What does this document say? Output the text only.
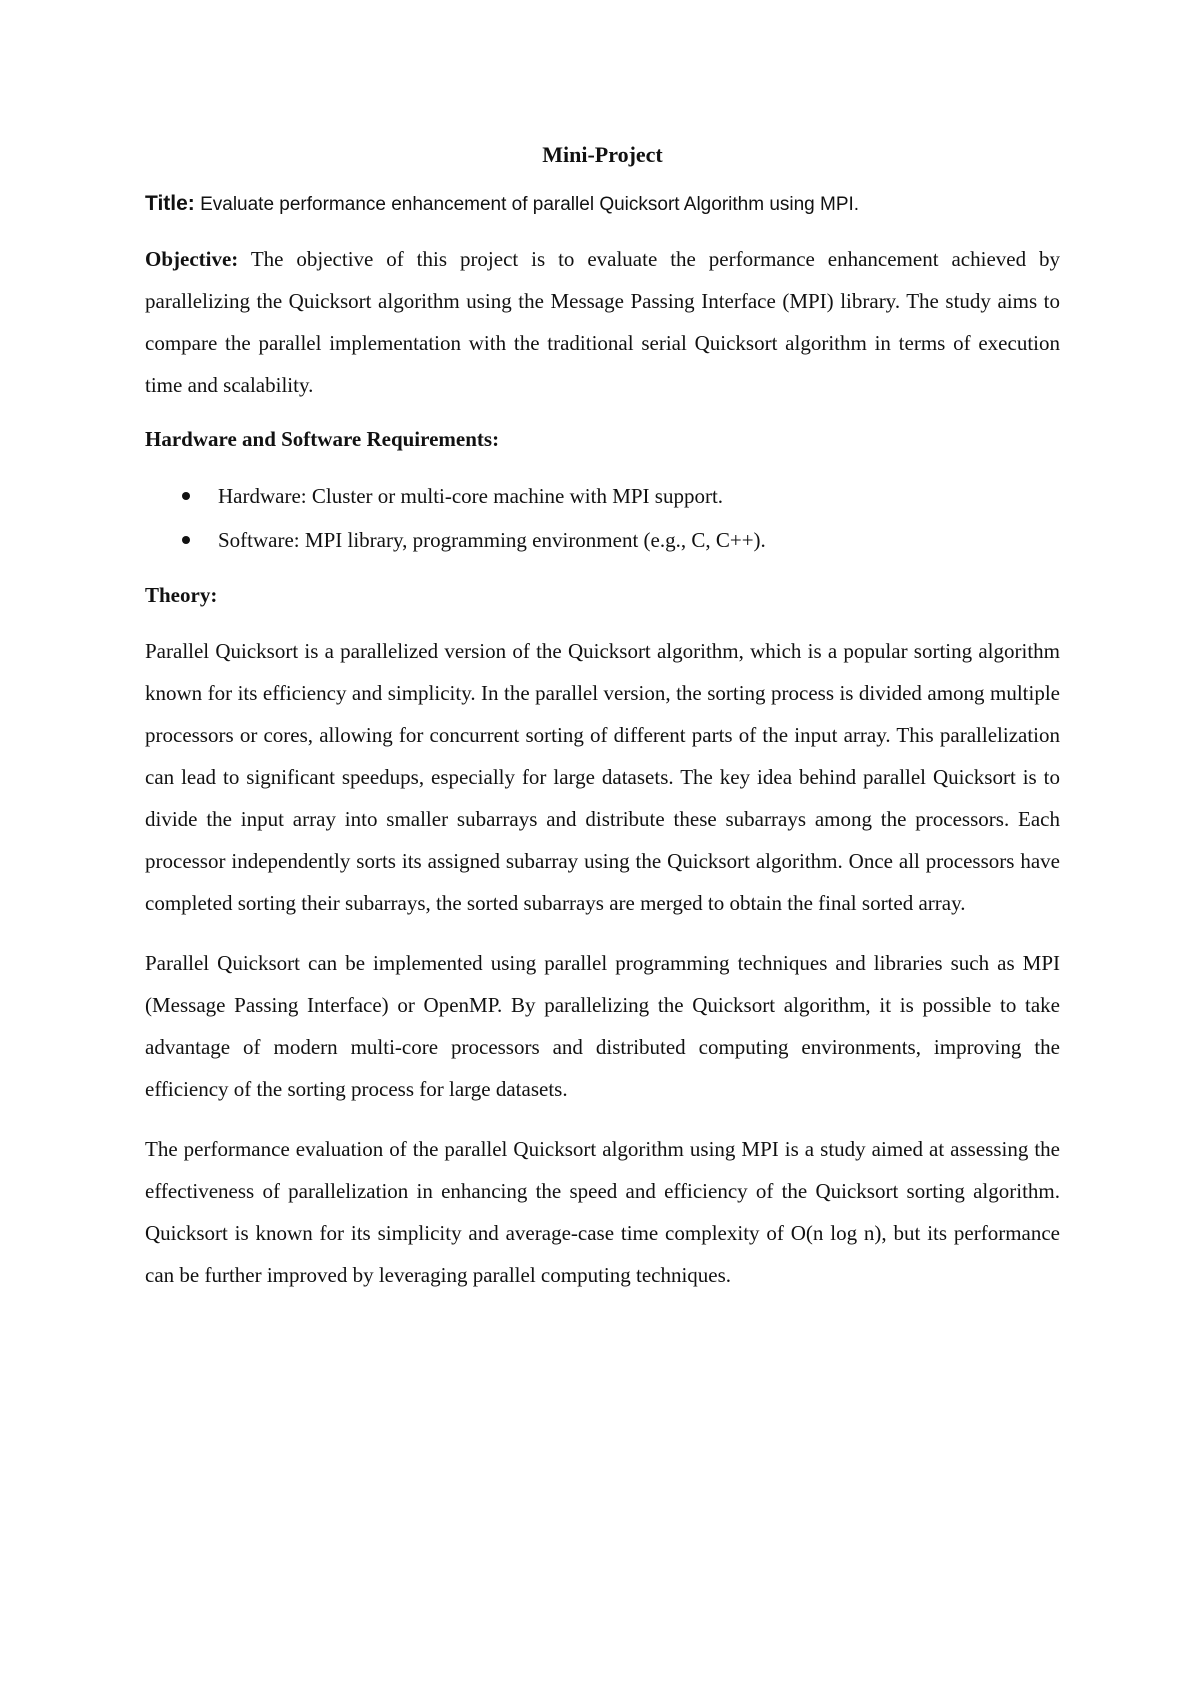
Mini-Project
Title: Evaluate performance enhancement of parallel Quicksort Algorithm using MPI.

Objective: The objective of this project is to evaluate the performance enhancement achieved by parallelizing the Quicksort algorithm using the Message Passing Interface (MPI) library. The study aims to compare the parallel implementation with the traditional serial Quicksort algorithm in terms of execution time and scalability.

Hardware and Software Requirements:
Hardware: Cluster or multi-core machine with MPI support.
Software: MPI library, programming environment (e.g., C, C++).
Theory:

Parallel Quicksort is a parallelized version of the Quicksort algorithm, which is a popular sorting algorithm known for its efficiency and simplicity. In the parallel version, the sorting process is divided among multiple processors or cores, allowing for concurrent sorting of different parts of the input array. This parallelization can lead to significant speedups, especially for large datasets. The key idea behind parallel Quicksort is to divide the input array into smaller subarrays and distribute these subarrays among the processors. Each processor independently sorts its assigned subarray using the Quicksort algorithm. Once all processors have completed sorting their subarrays, the sorted subarrays are merged to obtain the final sorted array.

Parallel Quicksort can be implemented using parallel programming techniques and libraries such as MPI (Message Passing Interface) or OpenMP. By parallelizing the Quicksort algorithm, it is possible to take advantage of modern multi-core processors and distributed computing environments, improving the efficiency of the sorting process for large datasets.

The performance evaluation of the parallel Quicksort algorithm using MPI is a study aimed at assessing the effectiveness of parallelization in enhancing the speed and efficiency of the Quicksort sorting algorithm. Quicksort is known for its simplicity and average-case time complexity of O(n log n), but its performance can be further improved by leveraging parallel computing techniques.
